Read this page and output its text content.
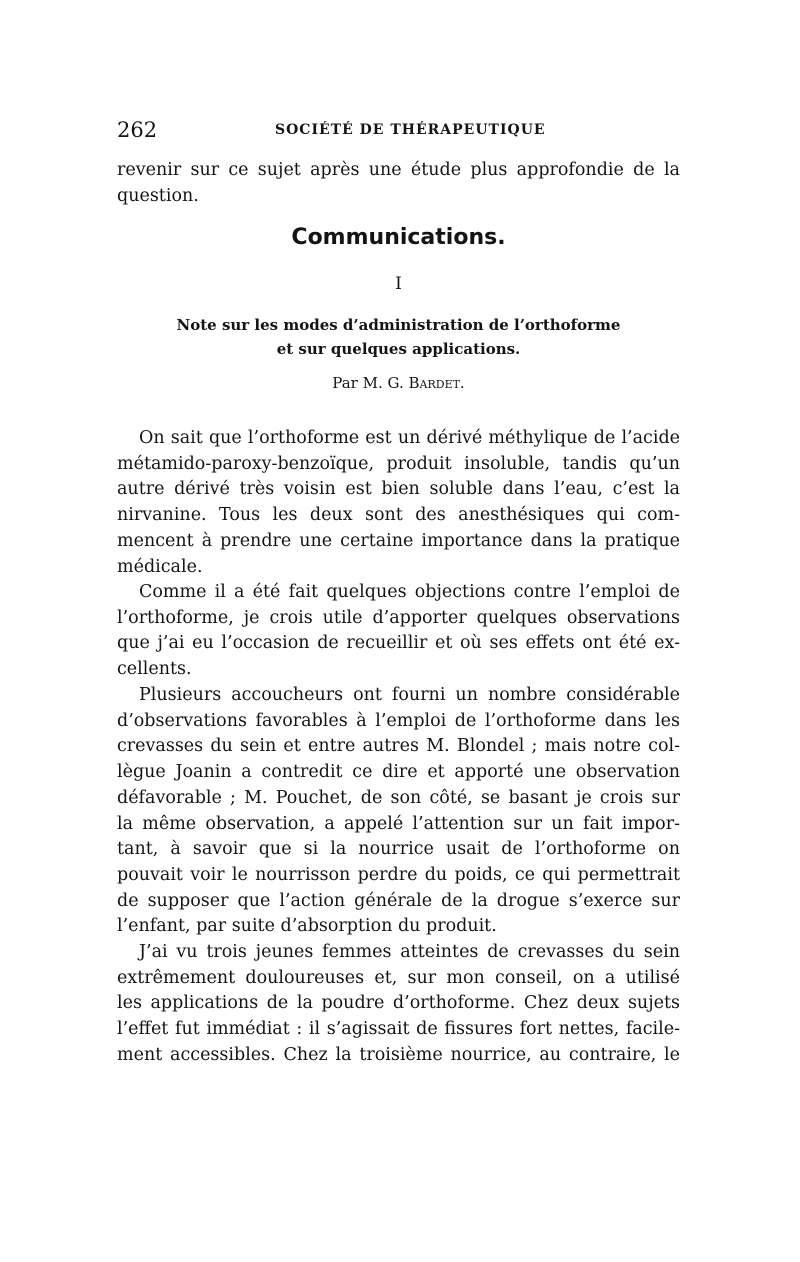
262	SOCIÉTÉ DE THÉRAPEUTIQUE

revenir sur ce sujet après une étude plus approfondie de la
question.

Communications.
I
Note sur les modes d’administration de l’orthoforme
et sur quelques applications.
Par M. G. Bardet.

On sait que l’orthoforme est un dérivé méthylique de l’acide
métamido-paroxy-benzoïque, produit insoluble, tandis qu’un
autre dérivé très voisin est bien soluble dans l’eau, c’est la
nirvanine. Tous les deux sont des anesthésiques qui com-
mencent à prendre une certaine importance dans la pratique
médicale.

Comme il a été fait quelques objections contre l’emploi de
l’orthoforme, je crois utile d’apporter quelques observations
que j’ai eu l’occasion de recueillir et où ses effets ont été ex-
cellents.

Plusieurs accoucheurs ont fourni un nombre considérable
d’observations favorables à l’emploi de l’orthoforme dans les
crevasses du sein et entre autres M. Blondel ; mais notre col-
lègue Joanin a contredit ce dire et apporté une observation
défavorable ; M. Pouchet, de son côté, se basant je crois sur
la même observation, a appelé l’attention sur un fait impor-
tant, à savoir que si la nourrice usait de l’orthoforme on
pouvait voir le nourrisson perdre du poids, ce qui permettrait
de supposer que l’action générale de la drogue s’exerce sur
l’enfant, par suite d’absorption du produit.

J’ai vu trois jeunes femmes atteintes de crevasses du sein
extrêmement douloureuses et, sur mon conseil, on a utilisé
les applications de la poudre d’orthoforme. Chez deux sujets
l’effet fut immédiat : il s’agissait de fissures fort nettes, facile-
ment accessibles. Chez la troisième nourrice, au contraire, le
